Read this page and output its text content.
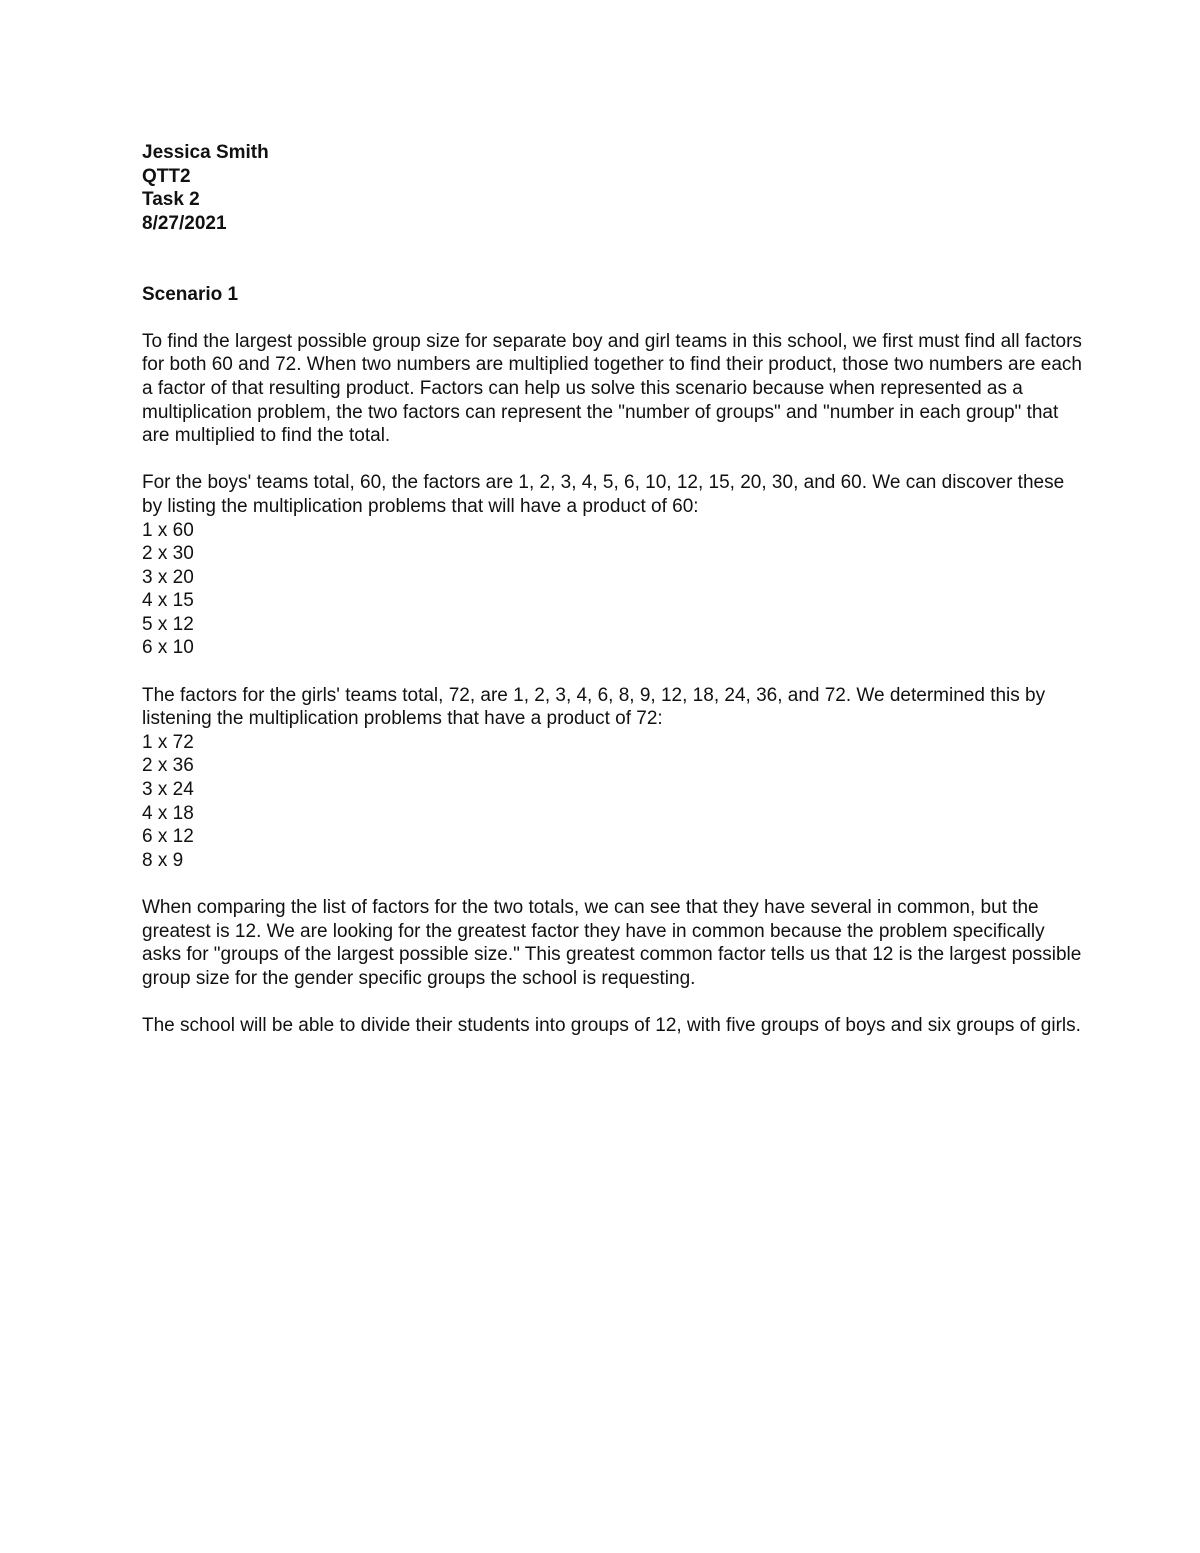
Jessica Smith

QTT2

Task 2

8/27/2021

Scenario 1

To find the largest possible group size for separate boy and girl teams in this school, we first must find all factors for both 60 and 72. When two numbers are multiplied together to find their product, those two numbers are each a factor of that resulting product. Factors can help us solve this scenario because when represented as a multiplication problem, the two factors can represent the "number of groups" and "number in each group" that are multiplied to find the total.

For the boys' teams total, 60, the factors are 1, 2, 3, 4, 5, 6, 10, 12, 15, 20, 30, and 60. We can discover these by listing the multiplication problems that will have a product of 60:

1 x 60

2 x 30

3 x 20

4 x 15

5 x 12

6 x 10

The factors for the girls' teams total, 72, are 1, 2, 3, 4, 6, 8, 9, 12, 18, 24, 36, and 72. We determined this by listening the multiplication problems that have a product of 72:

1 x 72

2 x 36

3 x 24

4 x 18

6 x 12

8 x 9

When comparing the list of factors for the two totals, we can see that they have several in common, but the greatest is 12. We are looking for the greatest factor they have in common because the problem specifically asks for "groups of the largest possible size." This greatest common factor tells us that 12 is the largest possible group size for the gender specific groups the school is requesting.

The school will be able to divide their students into groups of 12, with five groups of boys and six groups of girls.
